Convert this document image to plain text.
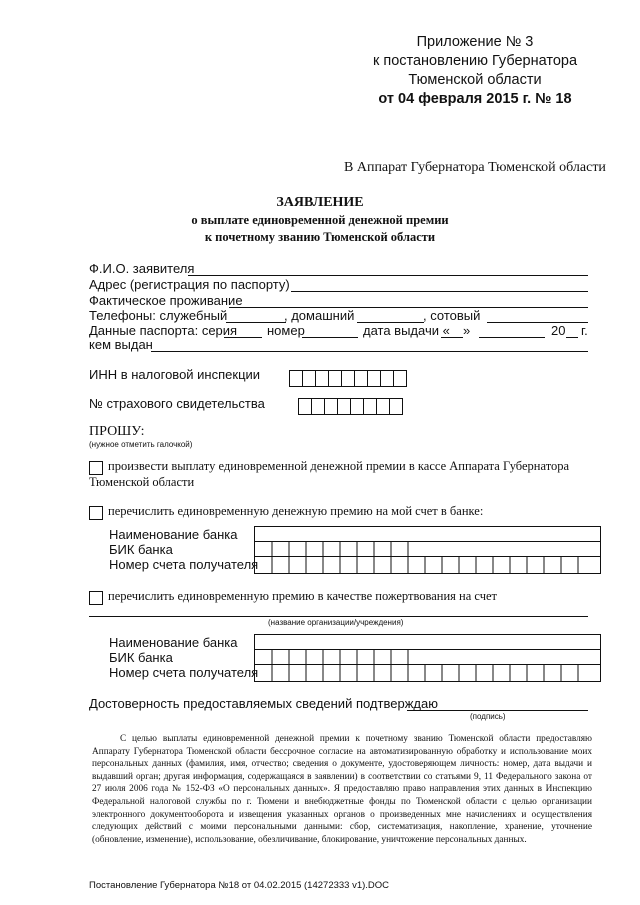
Приложение № 3
к постановлению Губернатора
Тюменской области
от 04 февраля 2015 г. № 18
В Аппарат Губернатора Тюменской области
ЗАЯВЛЕНИЕ
о выплате единовременной денежной премии
к почетному званию Тюменской области
Ф.И.О. заявителя
Адрес (регистрация по паспорту)
Фактическое проживание
Телефоны: служебный	, домашний	, сотовый
Данные паспорта: серия номер	дата выдачи « »	20 г.
кем выдан
ИНН в налоговой инспекции
№ страхового свидетельства
ПРОШУ:
(нужное отметить галочкой)
произвести выплату единовременной денежной премии в кассе Аппарата Губернатора
Тюменской области
перечислить единовременную денежную премию на мой счет в банке:
Наименование банка
БИК банка
Номер счета получателя
перечислить единовременную премию в качестве пожертвования на счет
(название организации/учреждения)
Наименование банка
БИК банка
Номер счета получателя
Достоверность предоставляемых сведений подтверждаю
(подпись)
С целью выплаты единовременной денежной премии к почетному званию Тюменской области предоставляю Аппарату Губернатора Тюменской области бессрочное согласие на автоматизированную обработку и использование моих персональных данных (фамилия, имя, отчество; сведения о документе, удостоверяющем личность: номер, дата выдачи и выдавший орган; другая информация, содержащаяся в заявлении) в соответствии со статьями 9, 11 Федерального закона от 27 июля 2006 года № 152-ФЗ «О персональных данных». Я предоставляю право направления этих данных в Инспекцию Федеральной налоговой службы по г. Тюмени и внебюджетные фонды по Тюменской области с целью организации электронного документооборота и извещения указанных органов о произведенных мне начислениях и осуществления следующих действий с моими персональными данными: сбор, систематизация, накопление, хранение, уточнение (обновление, изменение), использование, обезличивание, блокирование, уничтожение персональных данных.
Постановление Губернатора №18 от 04.02.2015 (14272333 v1).DOC
